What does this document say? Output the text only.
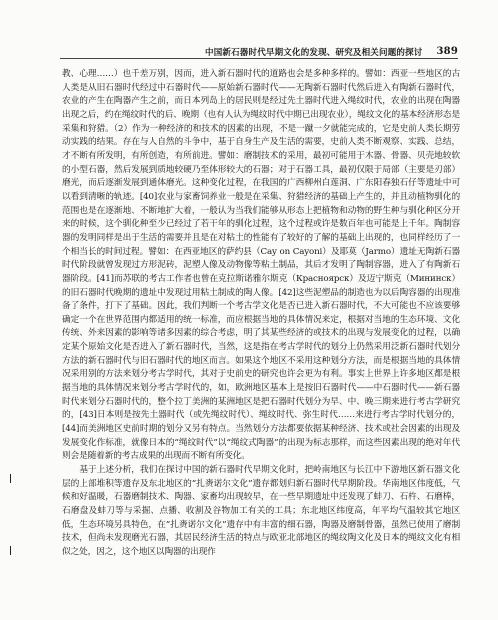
中国新石器时代早期文化的发现、研究及相关问题的探讨 389

教、心理……）也千差万别，因而，进入新石器时代的道路也会是多种多样的。譬如：西亚一些地区的古人类是从旧石器时代经过中石器时代——原始新石器时代——无陶新石器时代然后进入有陶新石器时代，农业的产生在陶器产生之前，而日本列岛上的居民则是经过先土器时代进入绳纹时代，农业的出现在陶器出现之后，约在绳纹时代的后、晚期（也有人认为绳纹时代中期已出现农业），绳纹文化的基本经济形态是采集和狩猎。（2）作为一种经济的和技术的因素的出现，不是一蹴一夕就能完成的，它是史前人类长期劳动实践的结果。存在与人自然的斗争中，基于自身生产及生活的需要，史前人类不断观察、实践、总结，才不断有所发明，有所创造，有所前进。譬如：磨制技术的采用，最初可能用于木器、骨器、贝壳地较软的小型石器，然后发展到质地较硬乃至体形较大的石器；对于石器工具，最初仅限于局部（主要是刃部）磨光，而后逐渐发展到通体磨光。这种变化过程，在我国的广西柳州白莲洞、广东阳春独石仔等遗址中可以看到清晰的轨迹。[40]农业与家畜饲养业一般是在采集、狩猎经济的基础上产生的，并且动植物驯化的范围也是在逐渐地、不断地扩大着，一般认为当我们能够从形态上把植物和动物的野生种与驯化种区分开来的时候，这个驯化种至少已经过了若干年的驯化过程，这个过程或许是数百年也可能是上千年。陶制容器的发明同样是出于生活的需要并且是在对粘土的性能有了较好的了解的基础上出现的，也同样经历了一个相当长的时间过程。譬如：在西亚地区的萨约县（Cay on Cayoni）及耶莫（Jarmo）遗址无陶新石器时代阶段就曾发现过方形泥砖，泥塑人像及动物像等粘土制品，其后才发明了陶制容器，进入了有陶新石器阶段。[41]而苏联的考古工作者也曾在克拉斯诺雅尔斯克（Красноярск）及迈宁斯克（Мининск）的旧石器时代晚期的遗址中发现过用粘土制成的陶人像。[42]这些泥塑品的制造也为以后陶容器的出现准备了条件，打下了基础。因此，我们判断一个考古学文化是否已进入新石器时代，不大可能也不应该要够确定一个在世界范围内都适用的统一标准，而应根据当地的具体情况来定，根据对当地的生态环境、文化传统、外来因素的影响等诸多因素的综合考虑，明了其某些经济的或技术的出现与发展变化的过程，以确定某个原始文化是否进入了新石器时代，当然，这是指在考古学时代的划分上仍然采用泛新石器时代划分方法的新石器时代与旧石器时代的地区而言。如果这个地区不采用这种划分方法，而是根据当地的具体情况采用别的方法来划分考古学时代，其对于史前史的研究也许会更为有利。事实上世界上许多地区都是根据当地的具体情况来划分考古学时代的，如，欧洲地区基本上是按旧石器时代——中石器时代——新石器时代来划分石器时代的，整个拉丁美洲的某洲地区是把石器时代划分为早、中、晚三期来进行考古学研究的，[43]日本则是按先土器时代（或先绳纹时代）、绳纹时代、弥生时代……来进行考古学时代划分的，[44]而美洲地区史前时期的划分又另有特点。当然划分方法都要依据某种经济、技术或社会因素的出现及发展变化作标准，就像日本的“绳纹时代”以“绳纹式陶器”的出现为标志那样，而这些因素出现的绝对年代则会是随着新的考古成果的出现而不断有所变化。

基于上述分析，我们在探讨中国的新石器时代早期文化时，把岭南地区与长江中下游地区新石器文化层的上部堆积等遗存及东北地区的“扎赉诺尔文化”遗存都划归新石器时代早期阶段。华南地区伟度低，气候和好温暖，石器磨制技术、陶器、家畜均出现较早，在一些早期遗址中还发现了蚌刀、石杵、石磨棒，石磨盘及蚌刀等与采掘、点播、收割及谷物加工有关的工具；东北地区纬度高，年平均气温较其它地区低，生态环境另具特色，在“扎赉诺尔文化”遗存中有丰富的细石器，陶器及磨制骨器，虽然已使用了磨制技术，但尚未发现磨光石器，其居民经济生活的特点与欧亚北部地区的绳纹陶文化及日本的绳纹文化有相似之处，因之，这个地区以陶器的出现作
